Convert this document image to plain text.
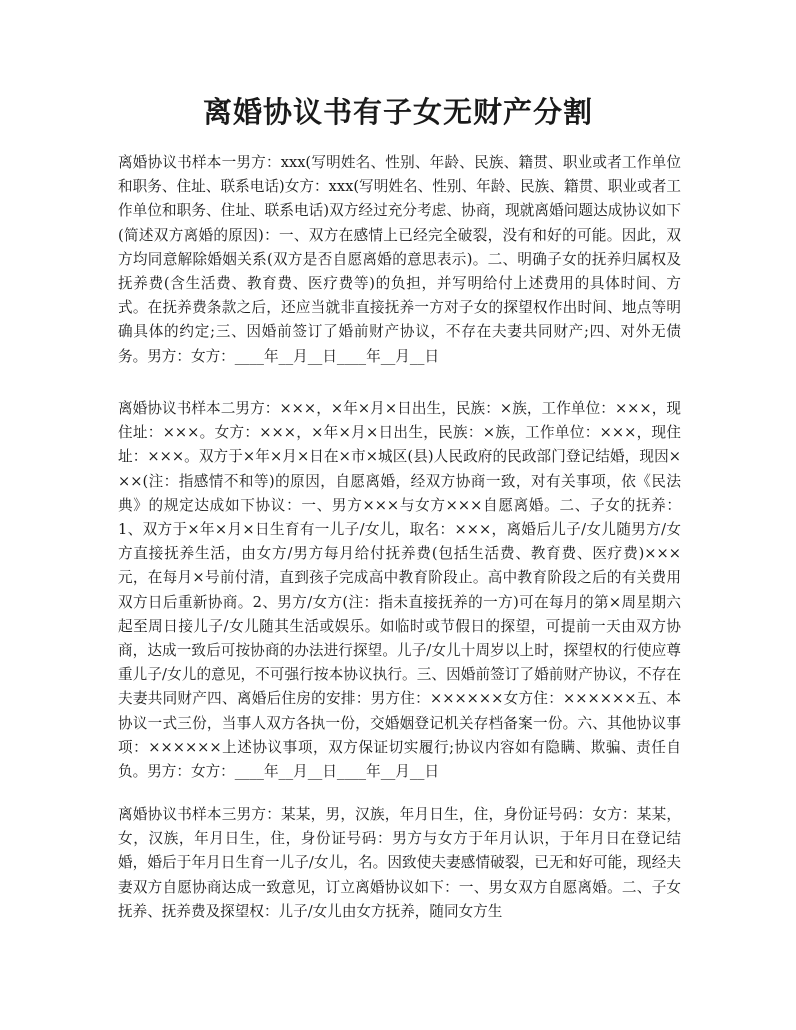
离婚协议书有子女无财产分割

离婚协议书样本一男方：xxx(写明姓名、性别、年龄、民族、籍贯、职业或者工作单位和职务、住址、联系电话)女方：xxx(写明姓名、性别、年龄、民族、籍贯、职业或者工作单位和职务、住址、联系电话)双方经过充分考虑、协商，现就离婚问题达成协议如下(简述双方离婚的原因)：一、双方在感情上已经完全破裂，没有和好的可能。因此，双方均同意解除婚姻关系(双方是否自愿离婚的意思表示)。二、明确子女的抚养归属权及抚养费(含生活费、教育费、医疗费等)的负担，并写明给付上述费用的具体时间、方式。在抚养费条款之后，还应当就非直接抚养一方对子女的探望权作出时间、地点等明确具体的约定;三、因婚前签订了婚前财产协议，不存在夫妻共同财产;四、对外无债务。男方：女方：____年__月__日____年__月__日

离婚协议书样本二男方：×××，×年×月×日出生，民族：×族，工作单位：×××，现住址：×××。女方：×××，×年×月×日出生，民族：×族，工作单位：×××，现住址：×××。双方于×年×月×日在×市×城区(县)人民政府的民政部门登记结婚，现因×××(注：指感情不和等)的原因，自愿离婚，经双方协商一致，对有关事项，依《民法典》的规定达成如下协议：一、男方×××与女方×××自愿离婚。二、子女的抚养：1、双方于×年×月×日生育有一儿子/女儿，取名：×××，离婚后儿子/女儿随男方/女方直接抚养生活，由女方/男方每月给付抚养费(包括生活费、教育费、医疗费)×××元，在每月×号前付清，直到孩子完成高中教育阶段止。高中教育阶段之后的有关费用双方日后重新协商。2、男方/女方(注：指未直接抚养的一方)可在每月的第×周星期六起至周日接儿子/女儿随其生活或娱乐。如临时或节假日的探望，可提前一天由双方协商，达成一致后可按协商的办法进行探望。儿子/女儿十周岁以上时，探望权的行使应尊重儿子/女儿的意见，不可强行按本协议执行。三、因婚前签订了婚前财产协议，不存在夫妻共同财产四、离婚后住房的安排：男方住：××××××女方住：××××××五、本协议一式三份，当事人双方各执一份，交婚姻登记机关存档备案一份。六、其他协议事项：××××××上述协议事项，双方保证切实履行;协议内容如有隐瞒、欺骗、责任自负。男方：女方：____年__月__日____年__月__日

离婚协议书样本三男方：某某，男，汉族，年月日生，住，身份证号码：女方：某某，女，汉族，年月日生，住，身份证号码：男方与女方于年月认识，于年月日在登记结婚，婚后于年月日生育一儿子/女儿，名。因致使夫妻感情破裂，已无和好可能，现经夫妻双方自愿协商达成一致意见，订立离婚协议如下：一、男女双方自愿离婚。二、子女抚养、抚养费及探望权：儿子/女儿由女方抚养，随同女方生
